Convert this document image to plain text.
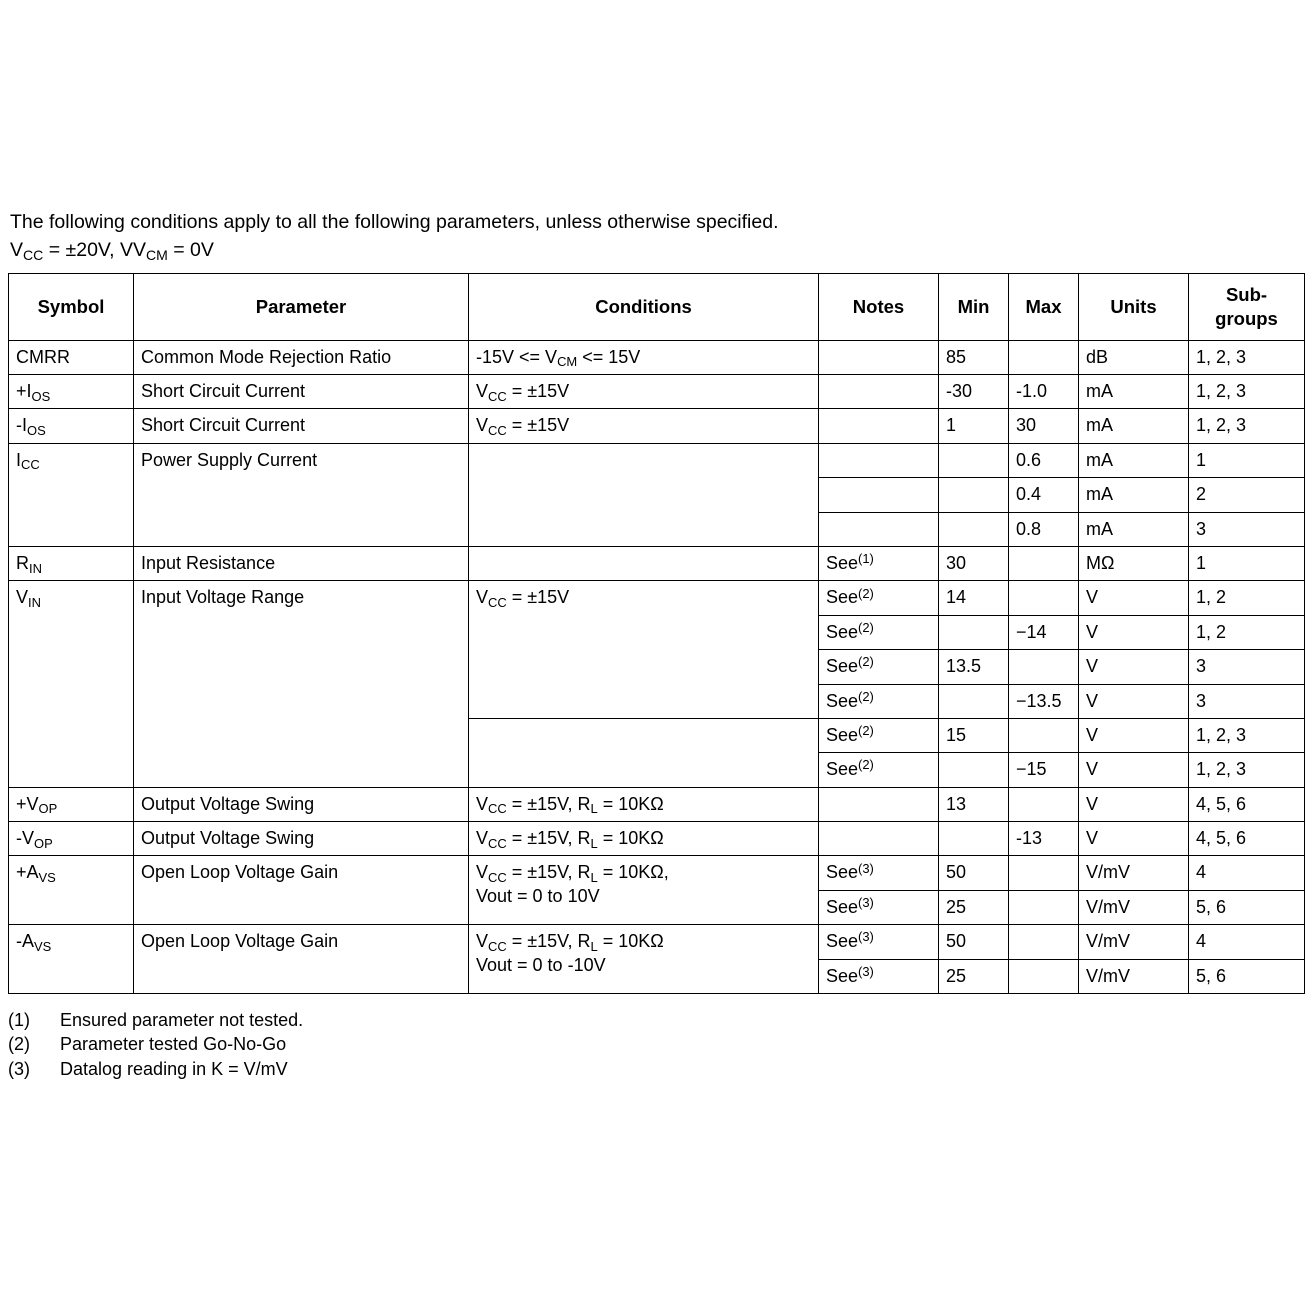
The following conditions apply to all the following parameters, unless otherwise specified.
$V_{CC} = \pm 20V$, $VV_{CM} = 0V$
Symbol	Parameter	Conditions	Notes	Min	Max	Units	Sub-
groups
CMRR	Common Mode Rejection Ratio	$-15V <= V_{CM} <= 15V$		85		dB	1, 2, 3
$+I_{OS}$	Short Circuit Current	$V_{CC} = \pm 15V$		-30	-1.0	mA	1, 2, 3
$-I_{OS}$	Short Circuit Current	$V_{CC} = \pm 15V$		1	30	mA	1, 2, 3
$I_{CC}$	Power Supply Current				0.6	mA	1
					0.4	mA	2
					0.8	mA	3
$R_{IN}$	Input Resistance		See$^{(1)}$	30		MΩ	1
$V_{IN}$	Input Voltage Range	$V_{CC} = \pm 15V$	See$^{(2)}$	14		V	1, 2
			See$^{(2)}$		−14	V	1, 2
			See$^{(2)}$	13.5		V	3
			See$^{(2)}$		−13.5	V	3
			See$^{(2)}$	15		V	1, 2, 3
			See$^{(2)}$		−15	V	1, 2, 3
$+V_{OP}$	Output Voltage Swing	$V_{CC} = \pm 15V$, $R_L = 10K\Omega$		13		V	4, 5, 6
$-V_{OP}$	Output Voltage Swing	$V_{CC} = \pm 15V$, $R_L = 10K\Omega$			-13	V	4, 5, 6
$+A_{VS}$	Open Loop Voltage Gain	$V_{CC} = \pm 15V$, $R_L = 10K\Omega$,
Vout = 0 to 10V	See$^{(3)}$	50		V/mV	4
			See$^{(3)}$	25		V/mV	5, 6
$-A_{VS}$	Open Loop Voltage Gain	$V_{CC} = \pm 15V$, $R_L = 10K\Omega$
Vout = 0 to -10V	See$^{(3)}$	50		V/mV	4
			See$^{(3)}$	25		V/mV	5, 6
(1)	Ensured parameter not tested.
(2)	Parameter tested Go-No-Go
(3)	Datalog reading in K = V/mV
